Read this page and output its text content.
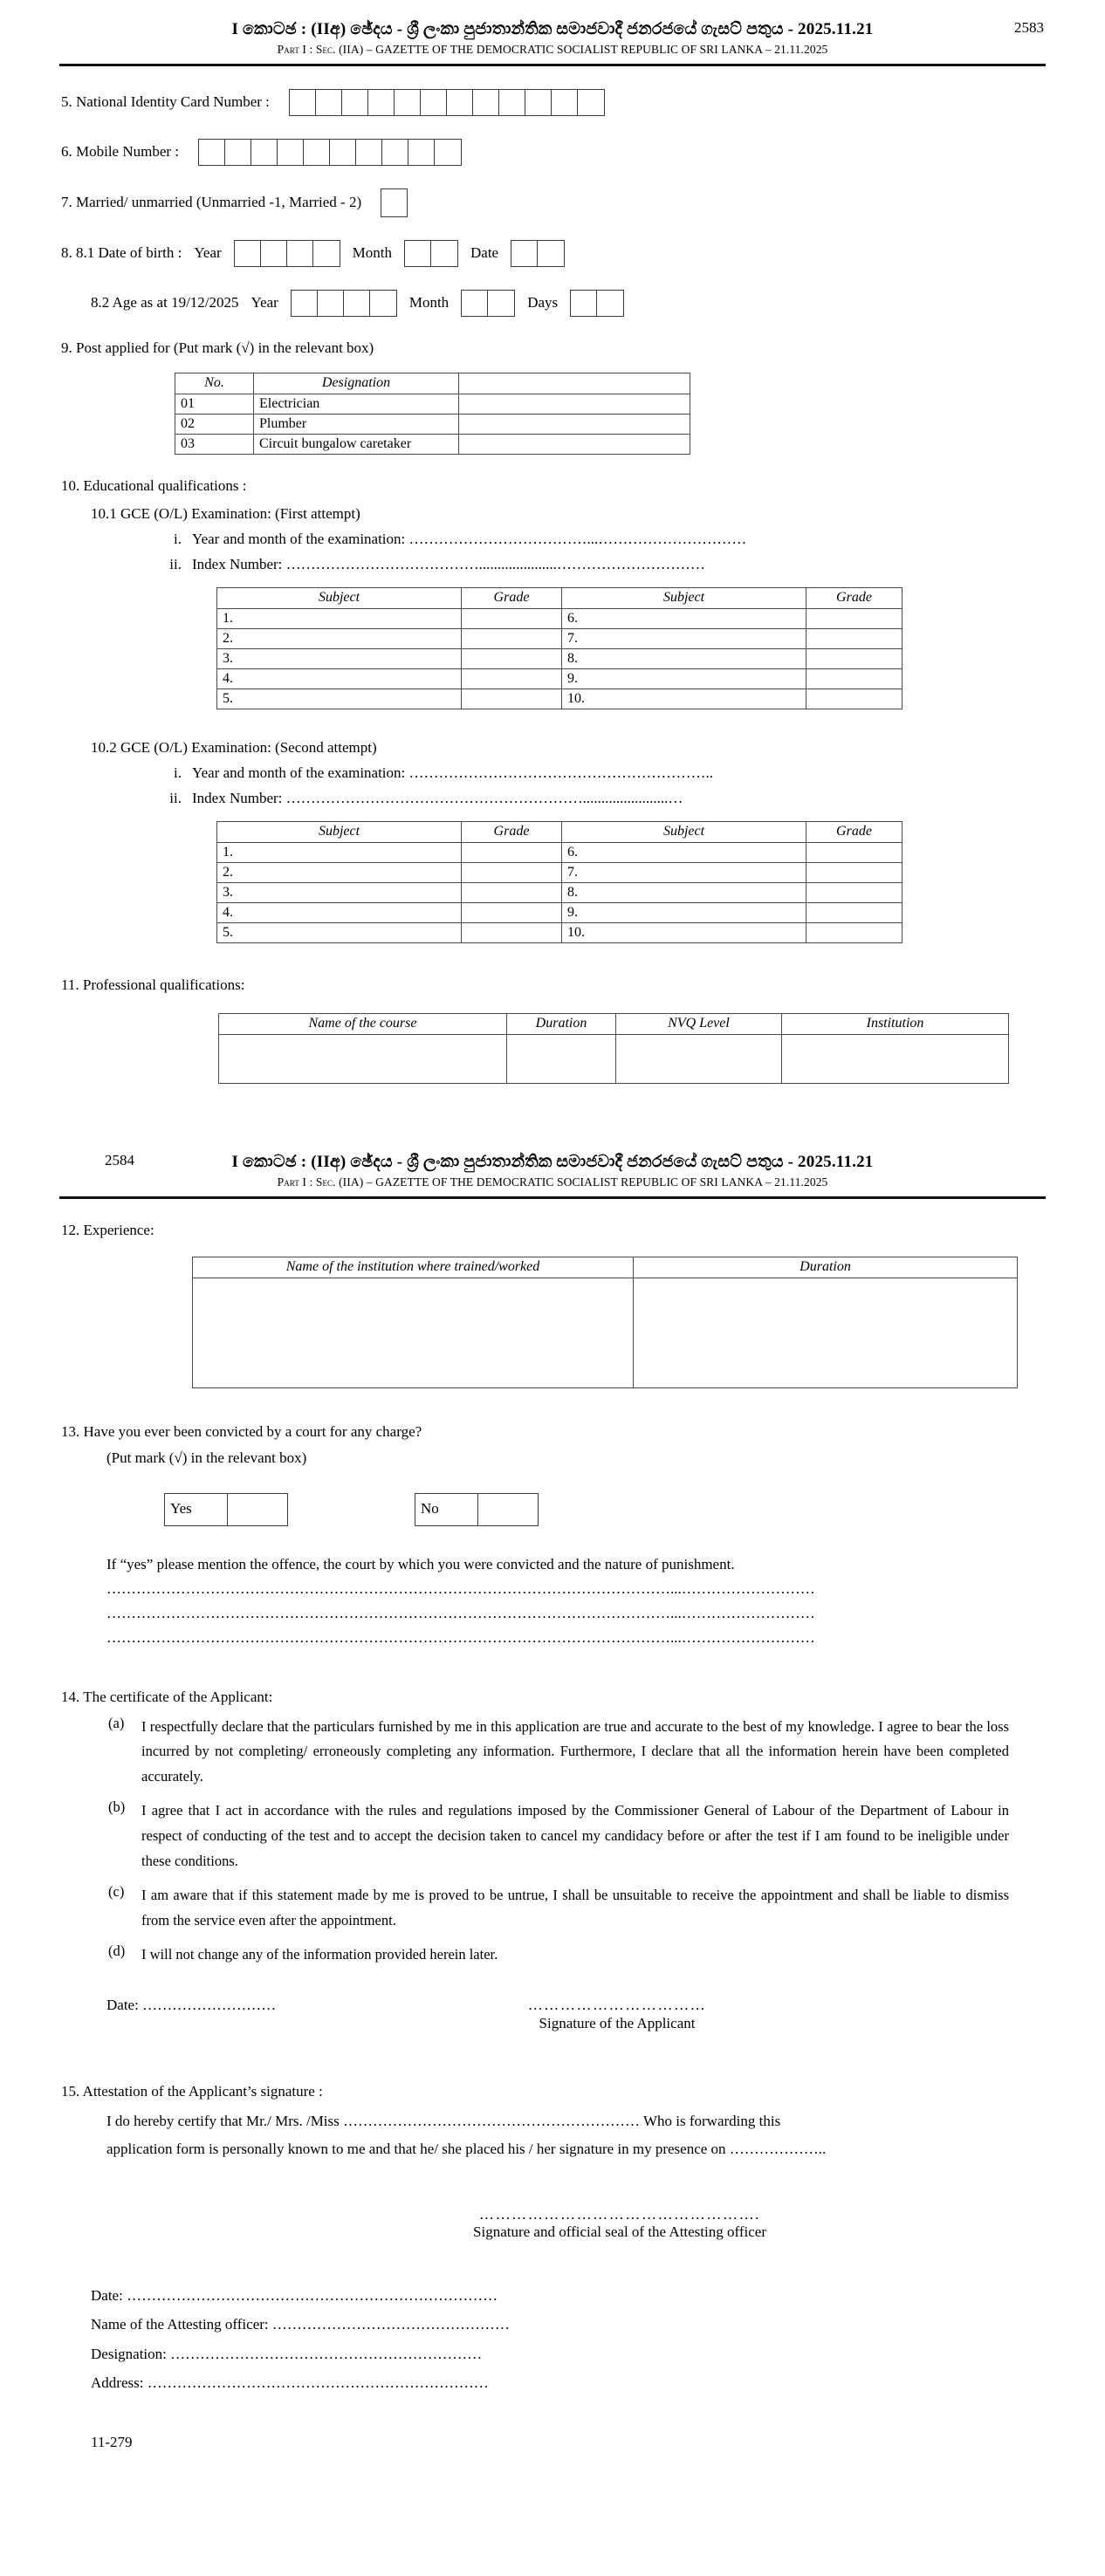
I කොටඡ : (IIඅ) ඡේදය - ශ්‍රී ලංකා පුජාතාන්තික සමාජවාදී ජනරජයේ ගැසට් පතුය - 2025.11.21	2583
Part I : Sec. (IIA) – GAZETTE OF THE DEMOCRATIC SOCIALIST REPUBLIC OF SRI LANKA – 21.11.2025
5. National Identity Card Number :
6. Mobile Number :
7. Married/ unmarried (Unmarried -1, Married - 2)
8. 8.1 Date of birth : Year	Month	Date
8.2 Age as at 19/12/2025 Year	Month	Days
9. Post applied for (Put mark (√) in the relevant box)
No.	Designation	
01	Electrician	
02	Plumber	
03	Circuit bungalow caretaker	
10. Educational qualifications :
10.1 GCE (O/L) Examination: (First attempt)
i. Year and month of the examination: ………………………………...…………………………
ii. Index Number: ………………………………….....................…………………………
Subject	Grade	Subject	Grade
1.		6.	
2.		7.	
3.		8.	
4.		9.	
5.		10.	
10.2 GCE (O/L) Examination: (Second attempt)
i. Year and month of the examination: ……………………………………………………..
ii. Index Number: …………………………………………………….......................…
Subject	Grade	Subject	Grade
1.		6.	
2.		7.	
3.		8.	
4.		9.	
5.		10.	
11. Professional qualifications:
Name of the course	Duration	NVQ Level	Institution

2584	I කොටඡ : (IIඅ) ඡේදය - ශ්‍රී ලංකා පුජාතාන්තික සමාජවාදී ජනරජයේ ගැසට් පතුය - 2025.11.21
Part I : Sec. (IIA) – GAZETTE OF THE DEMOCRATIC SOCIALIST REPUBLIC OF SRI LANKA – 21.11.2025
12. Experience:
Name of the institution where trained/worked	Duration

13. Have you ever been convicted by a court for any charge?
(Put mark (√) in the relevant box)
Yes	No
If “yes” please mention the offence, the court by which you were convicted and the nature of punishment.
……………………………………………………………………………………………………...………………………
……………………………………………………………………………………………………...………………………
……………………………………………………………………………………………………...………………………
14. The certificate of the Applicant:
(a)	I respectfully declare that the particulars furnished by me in this application are true and accurate to the best of my knowledge. I agree to bear the loss incurred by not completing/ erroneously completing any information. Furthermore, I declare that all the information herein have been completed accurately.
(b)	I agree that I act in accordance with the rules and regulations imposed by the Commissioner General of Labour of the Department of Labour in respect of conducting of the test and to accept the decision taken to cancel my candidacy before or after the test if I am found to be ineligible under these conditions.
(c)	I am aware that if this statement made by me is proved to be untrue, I shall be unsuitable to receive the appointment and shall be liable to dismiss from the service even after the appointment.
(d)	I will not change any of the information provided herein later.
Date: ………………………	……………………………
Signature of the Applicant
15. Attestation of the Applicant’s signature :
I do hereby certify that Mr./ Mrs. /Miss …………………………………………………… Who is forwarding this
application form is personally known to me and that he/ she placed his / her signature in my presence on ………………..
…………………………………………….
Signature and official seal of the Attesting officer
Date: …………………………………………………………………
Name of the Attesting officer: …………………………………………
Designation: ………………………………………………………
Address: ……………………………………………………………
11-279
